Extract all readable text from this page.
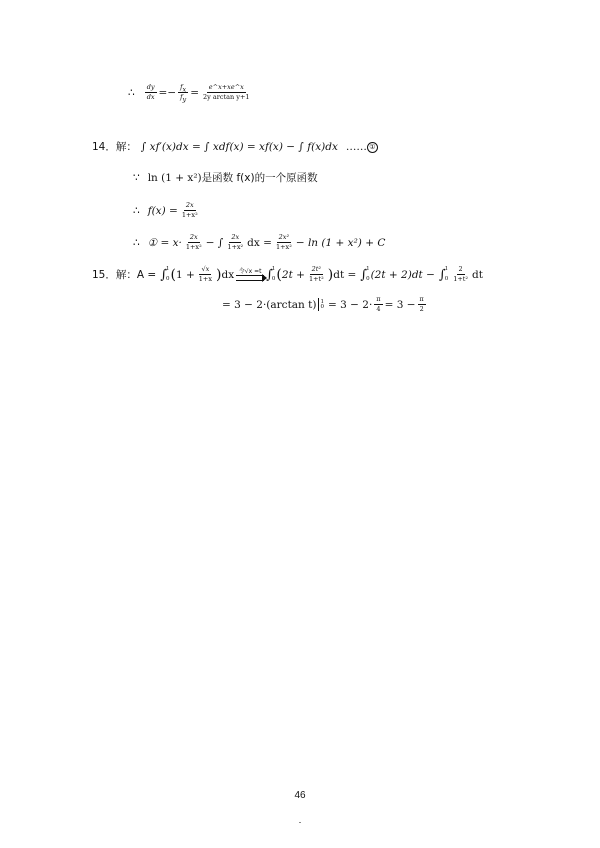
∴ $\frac{dy}{dx} =- \frac{f_x}{f_y} = \frac{e\^{}x+xe\^{}x}{\text{2y arctan y+1}}$
14．解： ∫ xf′(x)dx = ∫ xdf(x) = xf(x) − ∫ f(x)dx …… ①
∵ ln (1 + x²) 是函数 f(x)的一个原函数
∴ $f(x) = \frac{2x}{\text{1+x²}}$
∴ ① = $x\cdot \frac{2x}{\text{1+x²}}$ − ∫ $\frac{2x}{\text{1+x²}}$ dx = $\frac{\text{2x²}}{\text{1+x²}} - \ln (1 + x^2) + C$
15．解：A = ∫ 1
0 ( $1 + \frac{√x}{1+x}$ ) dx 令√x =t ∫ 1
0 ( $2t + \frac{\text{2t²}}{\text{1+t²}}$ ) dt = ∫ 1
0 (2t + 2)dt − ∫ 1
$0 \frac{2}{\text{1+t²}}$ dt
= 3 − 2·(arctan t) 1
$0 = 3 - 2\cdot \frac{\pi}{4} = 3 - \frac{\pi}{2}$
46
